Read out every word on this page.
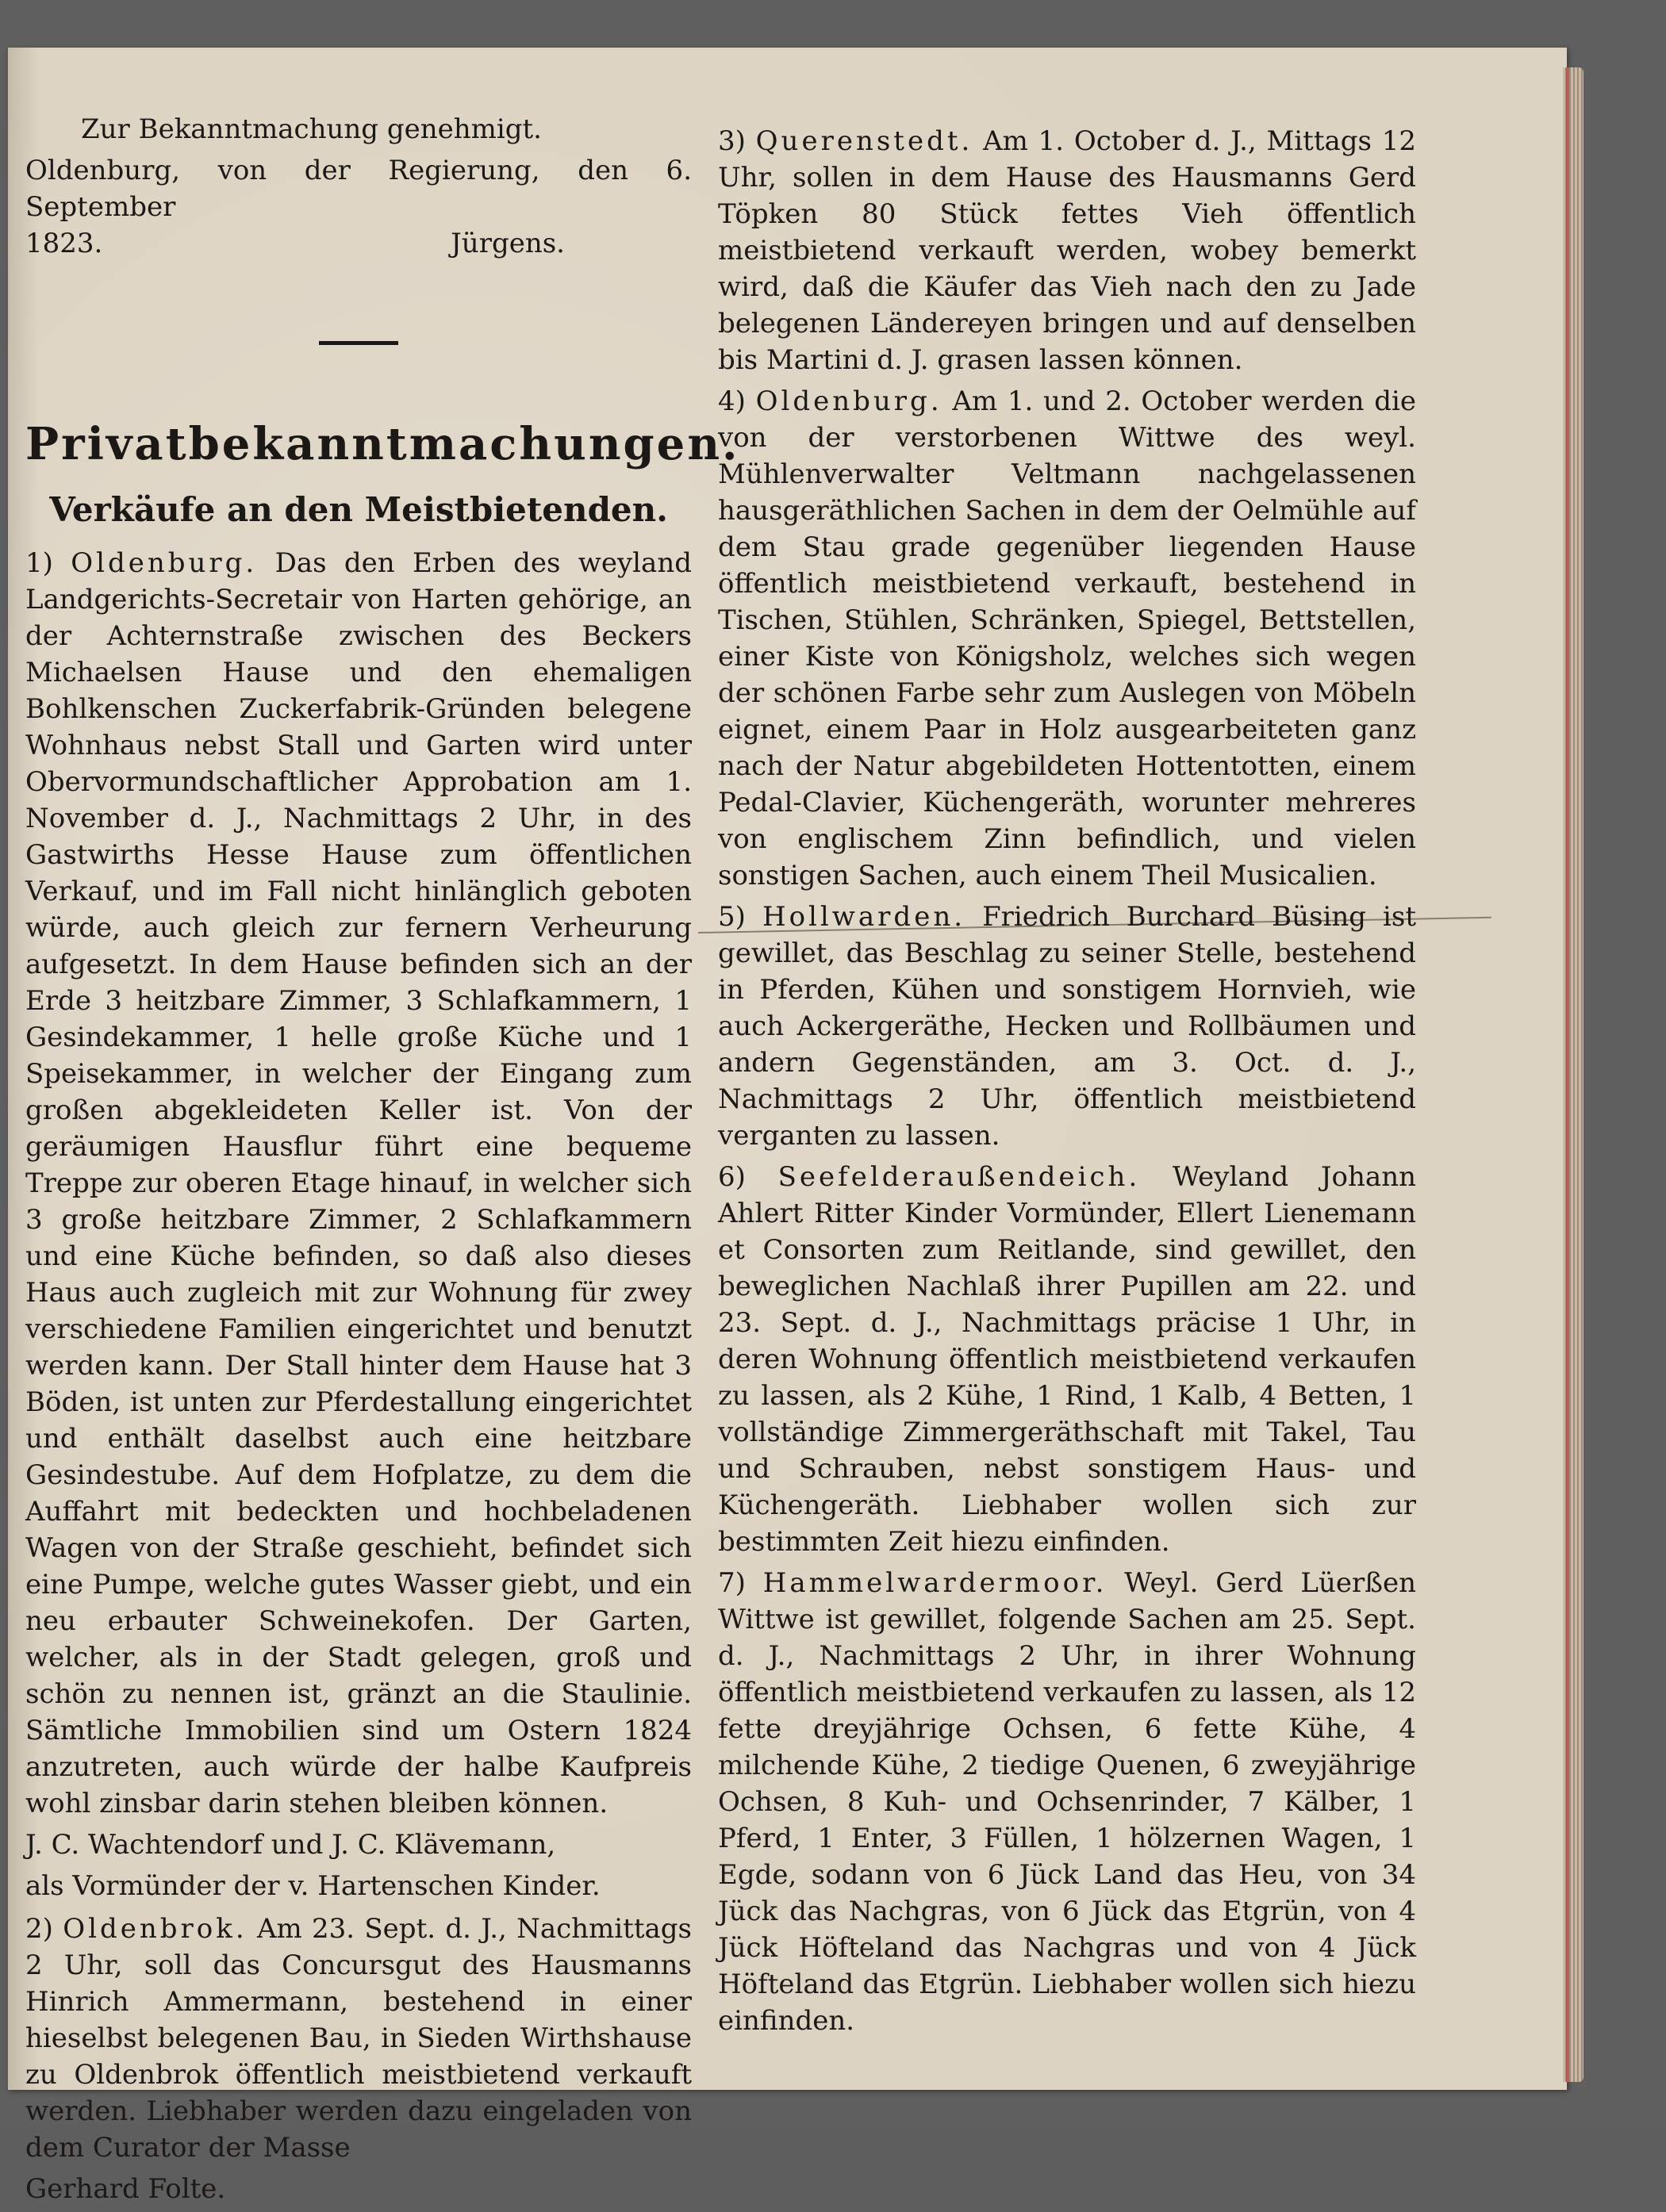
Zur Bekanntmachung genehmigt.

Oldenburg, von der Regierung, den 6. September

1823.	Jürgens.
Privatbekanntmachungen.
Verkäufe an den Meistbietenden.

1) Oldenburg. Das den Erben des weyland Landgerichts-Secretair von Harten gehörige, an der Achternstraße zwischen des Beckers Michaelsen Hause und den ehemaligen Bohlkenschen Zuckerfabrik-Gründen belegene Wohnhaus nebst Stall und Garten wird unter Obervormundschaftlicher Approbation am 1. November d. J., Nachmittags 2 Uhr, in des Gastwirths Hesse Hause zum öffentlichen Verkauf, und im Fall nicht hinlänglich geboten würde, auch gleich zur fernern Verheurung aufgesetzt. In dem Hause befinden sich an der Erde 3 heitzbare Zimmer, 3 Schlafkammern, 1 Gesindekammer, 1 helle große Küche und 1 Speisekammer, in welcher der Eingang zum großen abgekleideten Keller ist. Von der geräumigen Hausflur führt eine bequeme Treppe zur oberen Etage hinauf, in welcher sich 3 große heitzbare Zimmer, 2 Schlafkammern und eine Küche befinden, so daß also dieses Haus auch zugleich mit zur Wohnung für zwey verschiedene Familien eingerichtet und benutzt werden kann. Der Stall hinter dem Hause hat 3 Böden, ist unten zur Pferdestallung eingerichtet und enthält daselbst auch eine heitzbare Gesindestube. Auf dem Hofplatze, zu dem die Auffahrt mit bedeckten und hochbeladenen Wagen von der Straße geschieht, befindet sich eine Pumpe, welche gutes Wasser giebt, und ein neu erbauter Schweinekofen. Der Garten, welcher, als in der Stadt gelegen, groß und schön zu nennen ist, gränzt an die Staulinie. Sämtliche Immobilien sind um Ostern 1824 anzutreten, auch würde der halbe Kaufpreis wohl zinsbar darin stehen bleiben können.

J. C. Wachtendorf und J. C. Klävemann,

als Vormünder der v. Hartenschen Kinder.

2) Oldenbrok. Am 23. Sept. d. J., Nachmittags 2 Uhr, soll das Concursgut des Hausmanns Hinrich Ammermann, bestehend in einer hieselbst belegenen Bau, in Sieden Wirthshause zu Oldenbrok öffentlich meistbietend verkauft werden. Liebhaber werden dazu eingeladen von dem Curator der Masse

Gerhard Folte.

3) Querenstedt. Am 1. October d. J., Mittags 12 Uhr, sollen in dem Hause des Hausmanns Gerd Töpken 80 Stück fettes Vieh öffentlich meistbietend verkauft werden, wobey bemerkt wird, daß die Käufer das Vieh nach den zu Jade belegenen Ländereyen bringen und auf denselben bis Martini d. J. grasen lassen können.

4) Oldenburg. Am 1. und 2. October werden die von der verstorbenen Wittwe des weyl. Mühlenverwalter Veltmann nachgelassenen hausgeräthlichen Sachen in dem der Oelmühle auf dem Stau grade gegenüber liegenden Hause öffentlich meistbietend verkauft, bestehend in Tischen, Stühlen, Schränken, Spiegel, Bettstellen, einer Kiste von Königsholz, welches sich wegen der schönen Farbe sehr zum Auslegen von Möbeln eignet, einem Paar in Holz ausgearbeiteten ganz nach der Natur abgebildeten Hottentotten, einem Pedal-Clavier, Küchengeräth, worunter mehreres von englischem Zinn befindlich, und vielen sonstigen Sachen, auch einem Theil Musicalien.

5) Hollwarden. Friedrich Burchard Büsing ist gewillet, das Beschlag zu seiner Stelle, bestehend in Pferden, Kühen und sonstigem Hornvieh, wie auch Ackergeräthe, Hecken und Rollbäumen und andern Gegenständen, am 3. Oct. d. J., Nachmittags 2 Uhr, öffentlich meistbietend verganten zu lassen.

6) Seefelderaußendeich. Weyland Johann Ahlert Ritter Kinder Vormünder, Ellert Lienemann et Consorten zum Reitlande, sind gewillet, den beweglichen Nachlaß ihrer Pupillen am 22. und 23. Sept. d. J., Nachmittags präcise 1 Uhr, in deren Wohnung öffentlich meistbietend verkaufen zu lassen, als 2 Kühe, 1 Rind, 1 Kalb, 4 Betten, 1 vollständige Zimmergeräthschaft mit Takel, Tau und Schrauben, nebst sonstigem Haus- und Küchengeräth. Liebhaber wollen sich zur bestimmten Zeit hiezu einfinden.

7) Hammelwardermoor. Weyl. Gerd Lüerßen Wittwe ist gewillet, folgende Sachen am 25. Sept. d. J., Nachmittags 2 Uhr, in ihrer Wohnung öffentlich meistbietend verkaufen zu lassen, als 12 fette dreyjährige Ochsen, 6 fette Kühe, 4 milchende Kühe, 2 tiedige Quenen, 6 zweyjährige Ochsen, 8 Kuh- und Ochsenrinder, 7 Kälber, 1 Pferd, 1 Enter, 3 Füllen, 1 hölzernen Wagen, 1 Egde, sodann von 6 Jück Land das Heu, von 34 Jück das Nachgras, von 6 Jück das Etgrün, von 4 Jück Höfteland das Nachgras und von 4 Jück Höfteland das Etgrün. Liebhaber wollen sich hiezu einfinden.
